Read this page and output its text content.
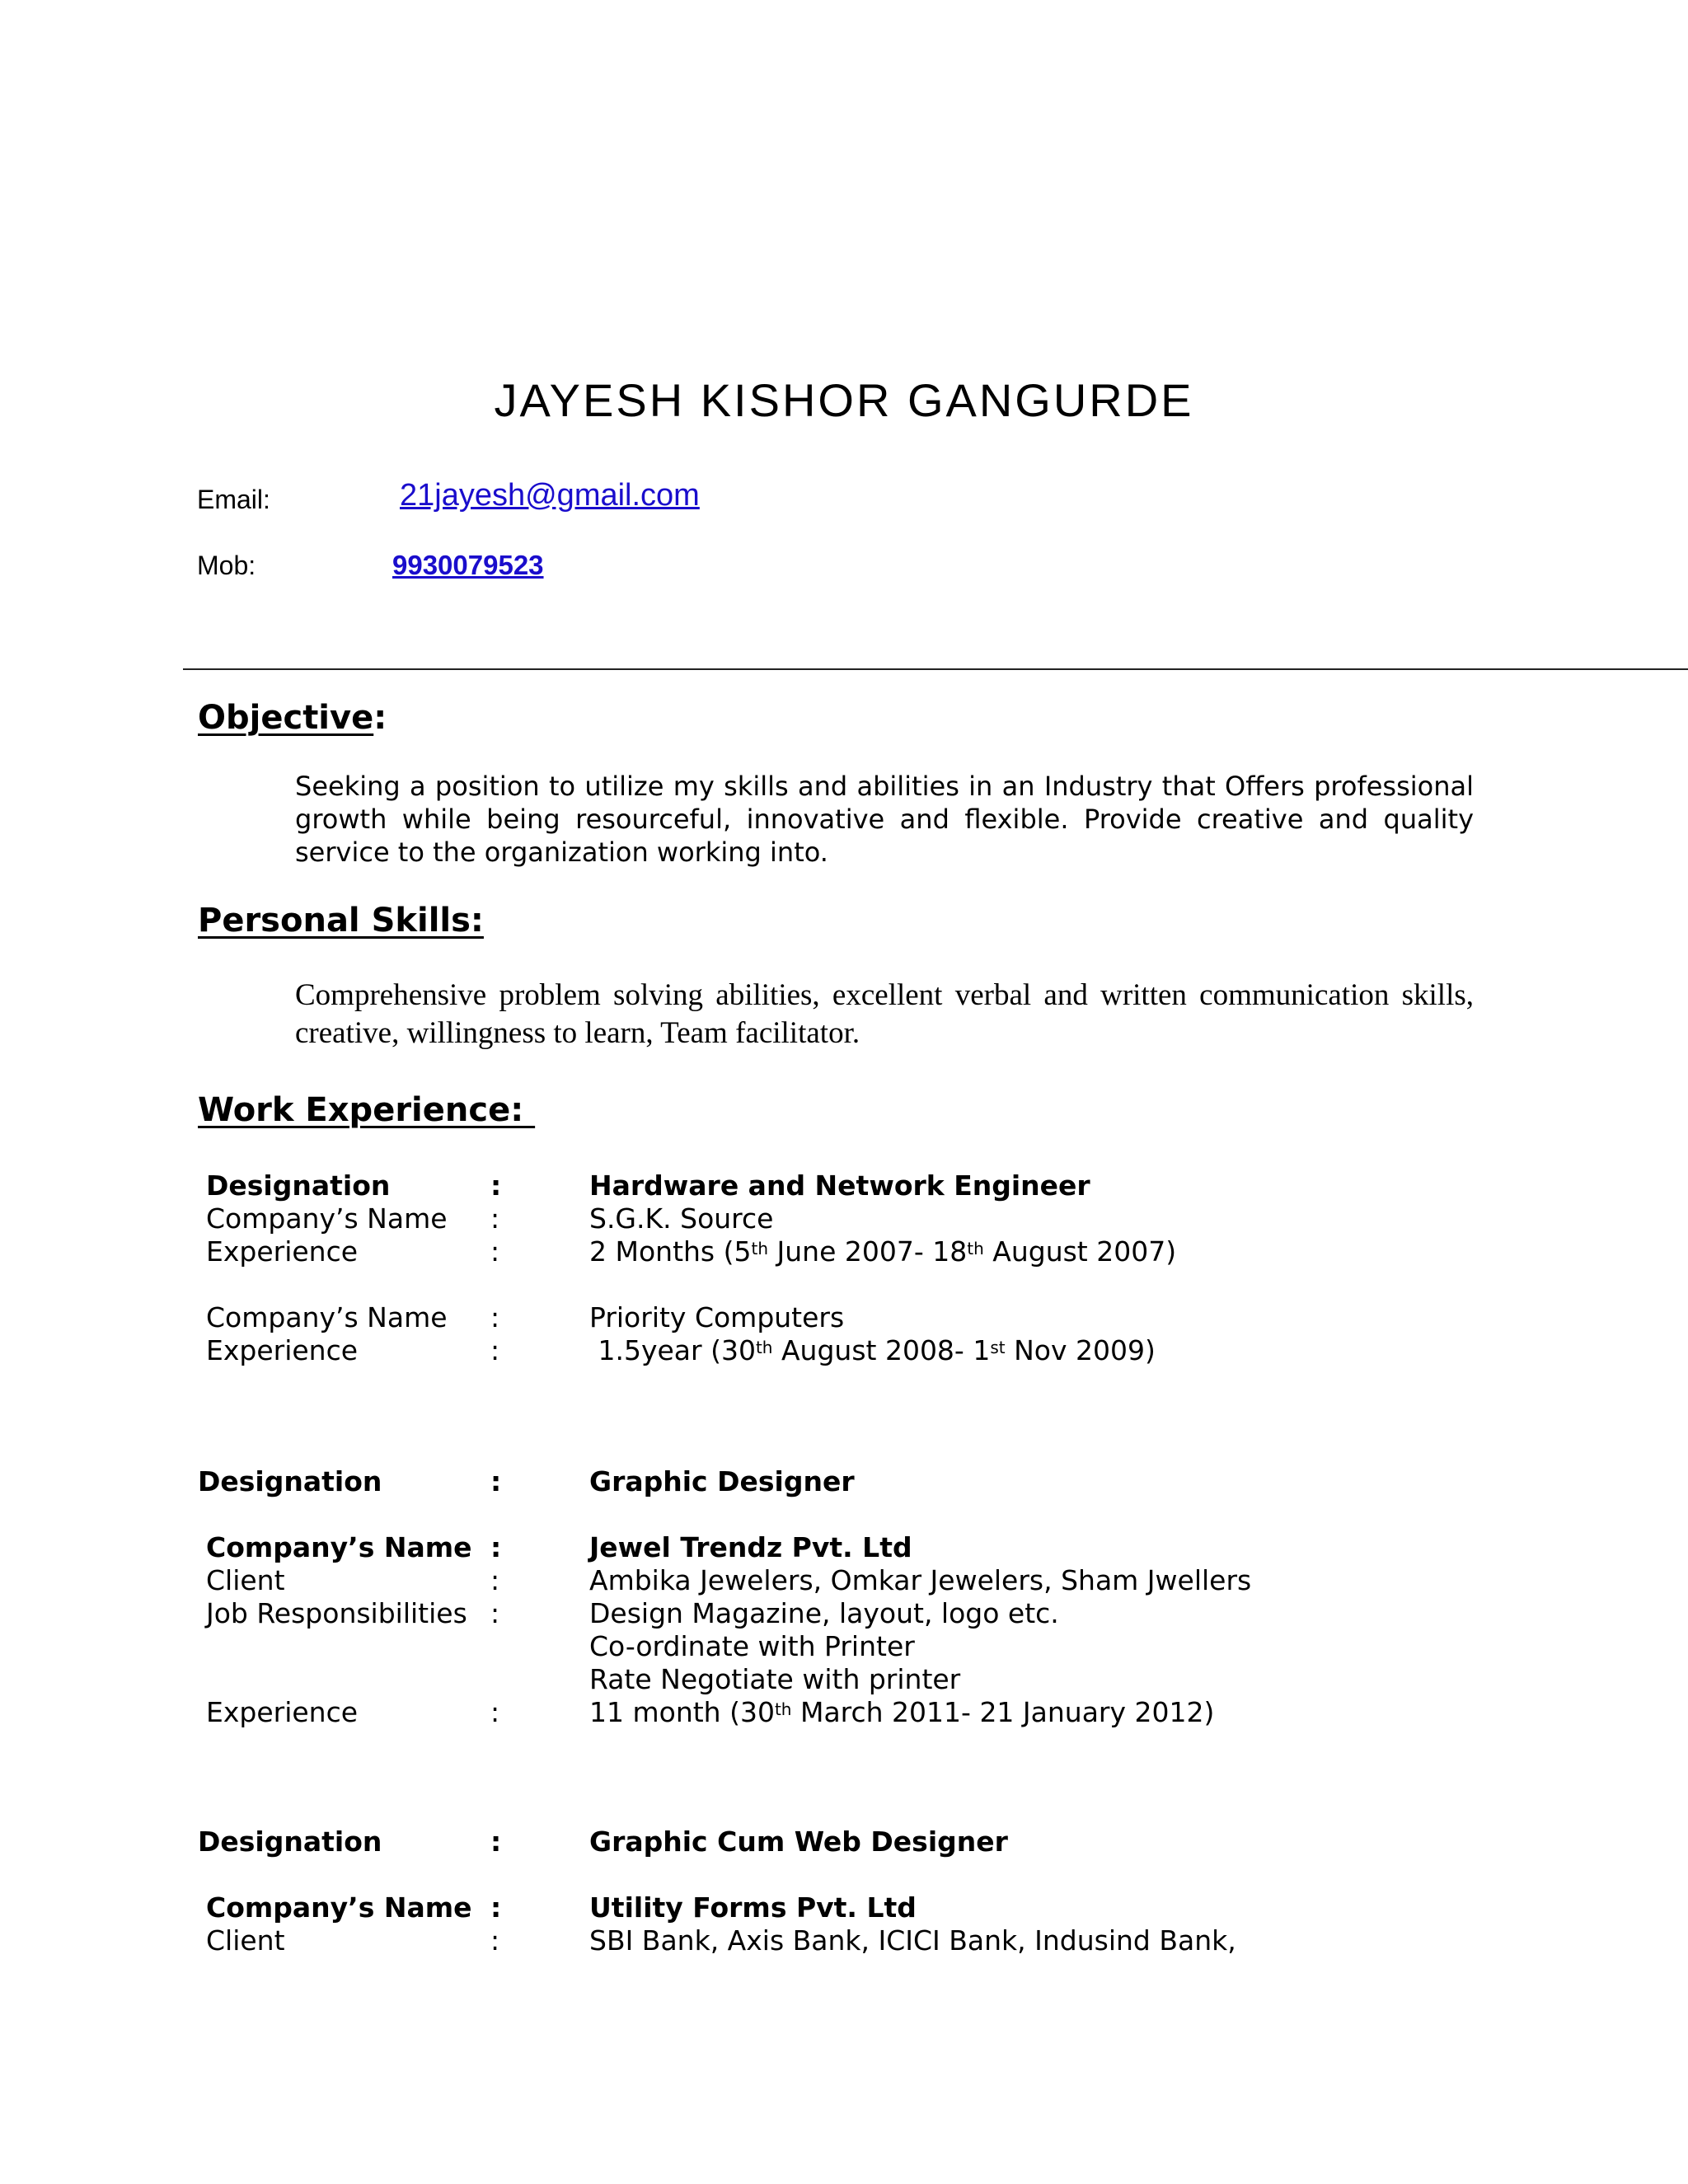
JAYESH KISHOR GANGURDE
Email:	21jayesh@gmail.com
Mob:	9930079523
Objective:
Seeking a position to utilize my skills and abilities in an Industry that Offers professional growth while being resourceful, innovative and flexible. Provide creative and quality service to the organization working into.
Personal Skills:
Comprehensive problem solving abilities, excellent verbal and written communication skills, creative, willingness to learn, Team facilitator.
Work Experience:
Designation	:	Hardware and Network Engineer
Company’s Name :	S.G.K. Source
Experience	:	2 Months (5th June 2007- 18th August 2007)
Company’s Name :	Priority Computers
Experience	:	1.5year (30th August 2008- 1st Nov 2009)
Designation	:	Graphic Designer
Company’s Name :	Jewel Trendz Pvt. Ltd
Client	:	Ambika Jewelers, Omkar Jewelers, Sham Jwellers
Job Responsibilities :	Design Magazine, layout, logo etc.
Co-ordinate with Printer
Rate Negotiate with printer
Experience	:	11 month (30th March 2011- 21 January 2012)
Designation	:	Graphic Cum Web Designer
Company’s Name :	Utility Forms Pvt. Ltd
Client	:	SBI Bank, Axis Bank, ICICI Bank, Indusind Bank,
